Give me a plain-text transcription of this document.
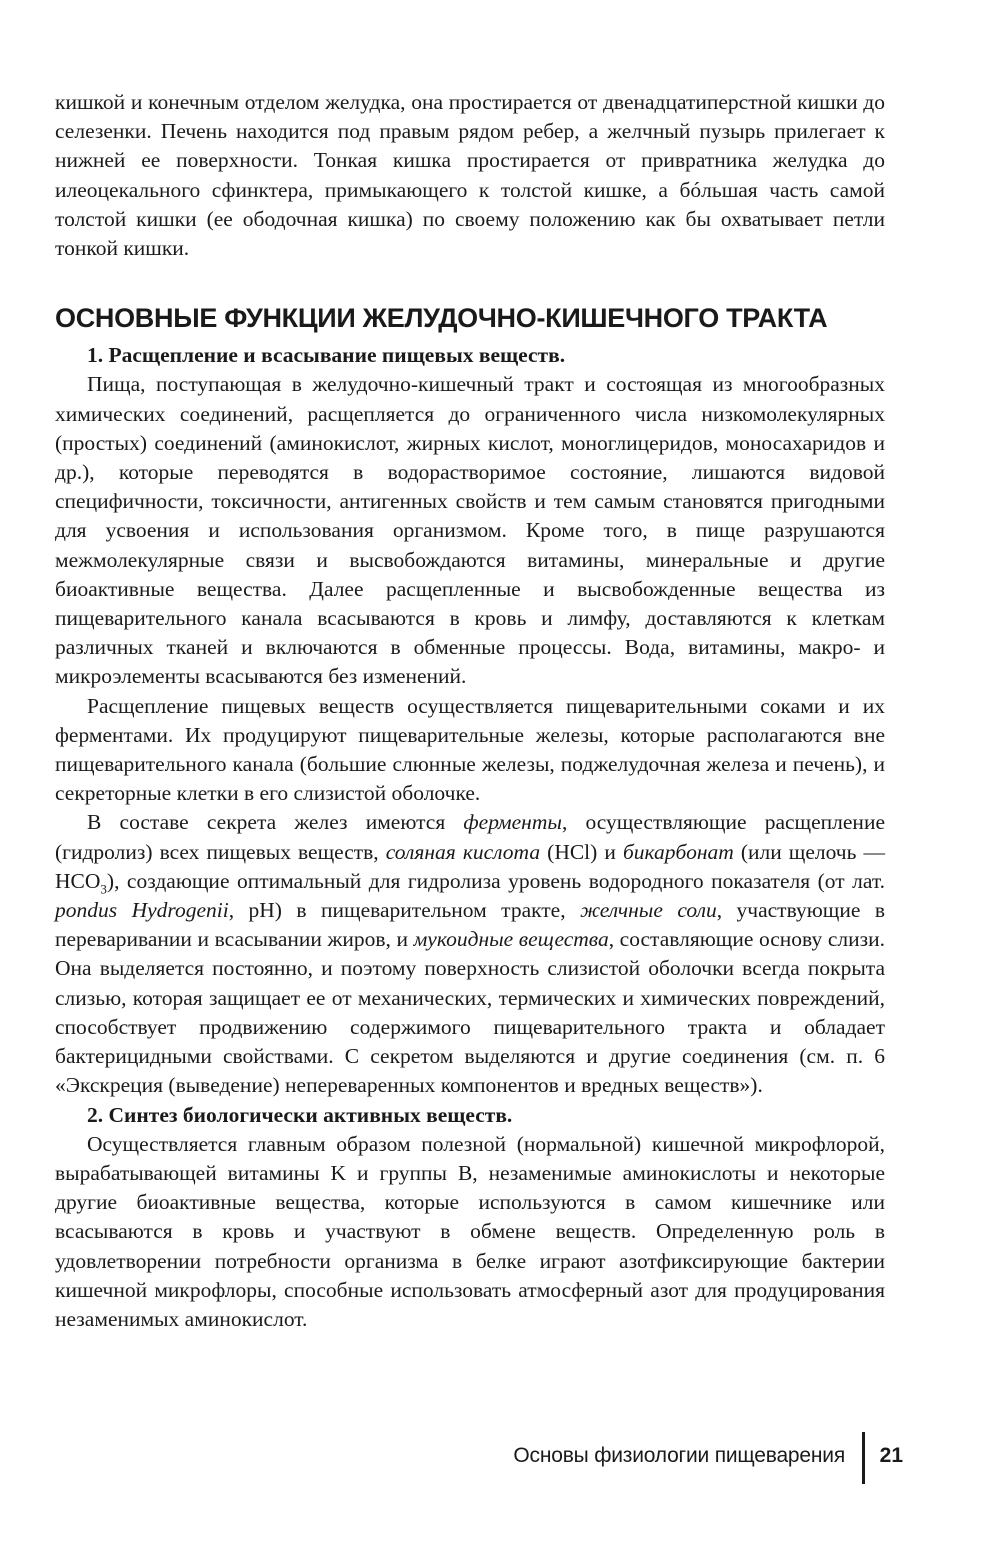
кишкой и конечным отделом желудка, она простирается от двенадцатиперстной кишки до селезенки. Печень находится под правым рядом ребер, а желчный пузырь прилегает к нижней ее поверхности. Тонкая кишка простирается от привратника желудка до илеоцекального сфинктера, примыкающего к толстой кишке, а бóльшая часть самой толстой кишки (ее ободочная кишка) по своему положению как бы охватывает петли тонкой кишки.

ОСНОВНЫЕ ФУНКЦИИ ЖЕЛУДОЧНО-КИШЕЧНОГО ТРАКТА

1. Расщепление и всасывание пищевых веществ.

Пища, поступающая в желудочно-кишечный тракт и состоящая из многообразных химических соединений, расщепляется до ограниченного числа низкомолекулярных (простых) соединений (аминокислот, жирных кислот, моноглицеридов, моносахаридов и др.), которые переводятся в водорастворимое состояние, лишаются видовой специфичности, токсичности, антигенных свойств и тем самым становятся пригодными для усвоения и использования организмом. Кроме того, в пище разрушаются межмолекулярные связи и высвобождаются витамины, минеральные и другие биоактивные вещества. Далее расщепленные и высвобожденные вещества из пищеварительного канала всасываются в кровь и лимфу, доставляются к клеткам различных тканей и включаются в обменные процессы. Вода, витамины, макро- и микроэлементы всасываются без изменений.

Расщепление пищевых веществ осуществляется пищеварительными соками и их ферментами. Их продуцируют пищеварительные железы, которые располагаются вне пищеварительного канала (большие слюнные железы, поджелудочная железа и печень), и секреторные клетки в его слизистой оболочке.

В составе секрета желез имеются ферменты, осуществляющие расщепление (гидролиз) всех пищевых веществ, соляная кислота (HCl) и бикарбонат (или щелочь — $HCO_3$), создающие оптимальный для гидролиза уровень водородного показателя (от лат. pondus Hydrogenii, pH) в пищеварительном тракте, желчные соли, участвующие в переваривании и всасывании жиров, и мукоидные вещества, составляющие основу слизи. Она выделяется постоянно, и поэтому поверхность слизистой оболочки всегда покрыта слизью, которая защищает ее от механических, термических и химических повреждений, способствует продвижению содержимого пищеварительного тракта и обладает бактерицидными свойствами. С секретом выделяются и другие соединения (см. п. 6 «Экскреция (выведение) непереваренных компонентов и вредных веществ»).

2. Синтез биологически активных веществ.

Осуществляется главным образом полезной (нормальной) кишечной микрофлорой, вырабатывающей витамины K и группы B, незаменимые аминокислоты и некоторые другие биоактивные вещества, которые используются в самом кишечнике или всасываются в кровь и участвуют в обмене веществ. Определенную роль в удовлетворении потребности организма в белке играют азотфиксирующие бактерии кишечной микрофлоры, способные использовать атмосферный азот для продуцирования незаменимых аминокислот.

Основы физиологии пищеварения 21
